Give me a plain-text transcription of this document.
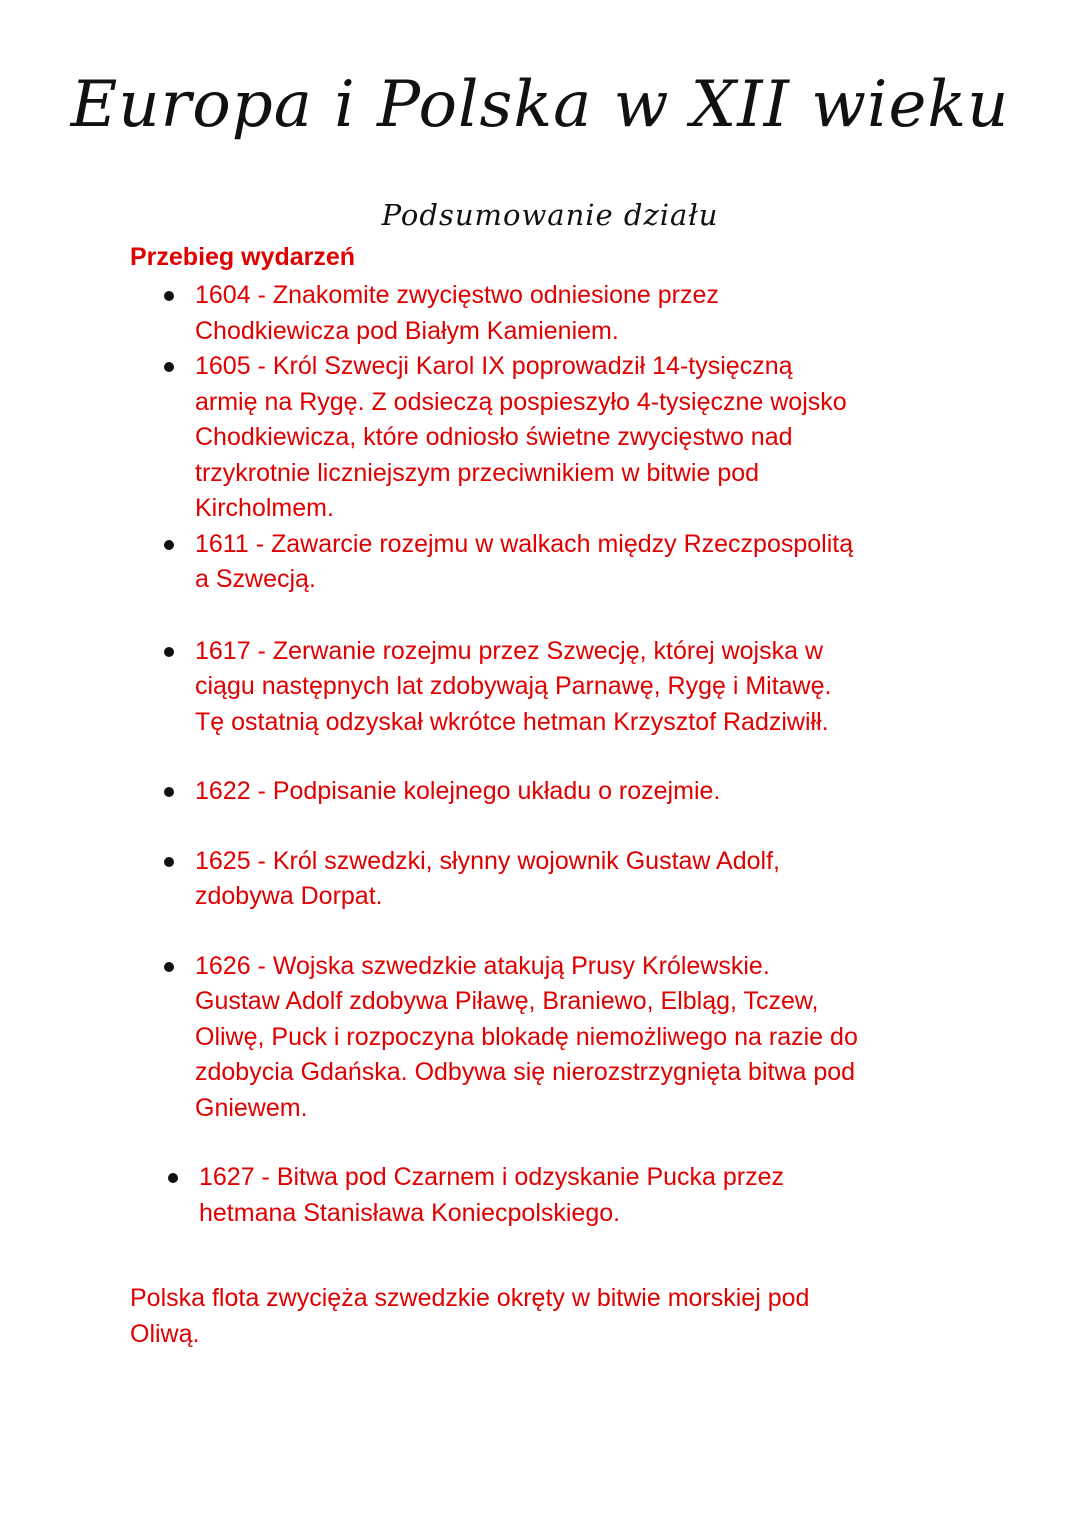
Europa i Polska w XII wieku
Podsumowanie działu
Przebieg wydarzeń
1604 - Znakomite zwycięstwo odniesione przez Chodkiewicza pod Białym Kamieniem.
1605 - Król Szwecji Karol IX poprowadził 14-tysięczną armię na Rygę. Z odsieczą pospieszyło 4-tysięczne wojsko Chodkiewicza, które odniosło świetne zwycięstwo nad trzykrotnie liczniejszym przeciwnikiem w bitwie pod Kircholmem.
1611 - Zawarcie rozejmu w walkach między Rzeczpospolitą a Szwecją.
1617 - Zerwanie rozejmu przez Szwecję, której wojska w ciągu następnych lat zdobywają Parnawę, Rygę i Mitawę. Tę ostatnią odzyskał wkrótce hetman Krzysztof Radziwiłł.
1622 - Podpisanie kolejnego układu o rozejmie.
1625 - Król szwedzki, słynny wojownik Gustaw Adolf, zdobywa Dorpat.
1626 - Wojska szwedzkie atakują Prusy Królewskie. Gustaw Adolf zdobywa Piławę, Braniewo, Elbląg, Tczew, Oliwę, Puck i rozpoczyna blokadę niemożliwego na razie do zdobycia Gdańska. Odbywa się nierozstrzygnięta bitwa pod Gniewem.
1627 - Bitwa pod Czarnem i odzyskanie Pucka przez hetmana Stanisława Koniecpolskiego.
Polska flota zwycięża szwedzkie okręty w bitwie morskiej pod Oliwą.
